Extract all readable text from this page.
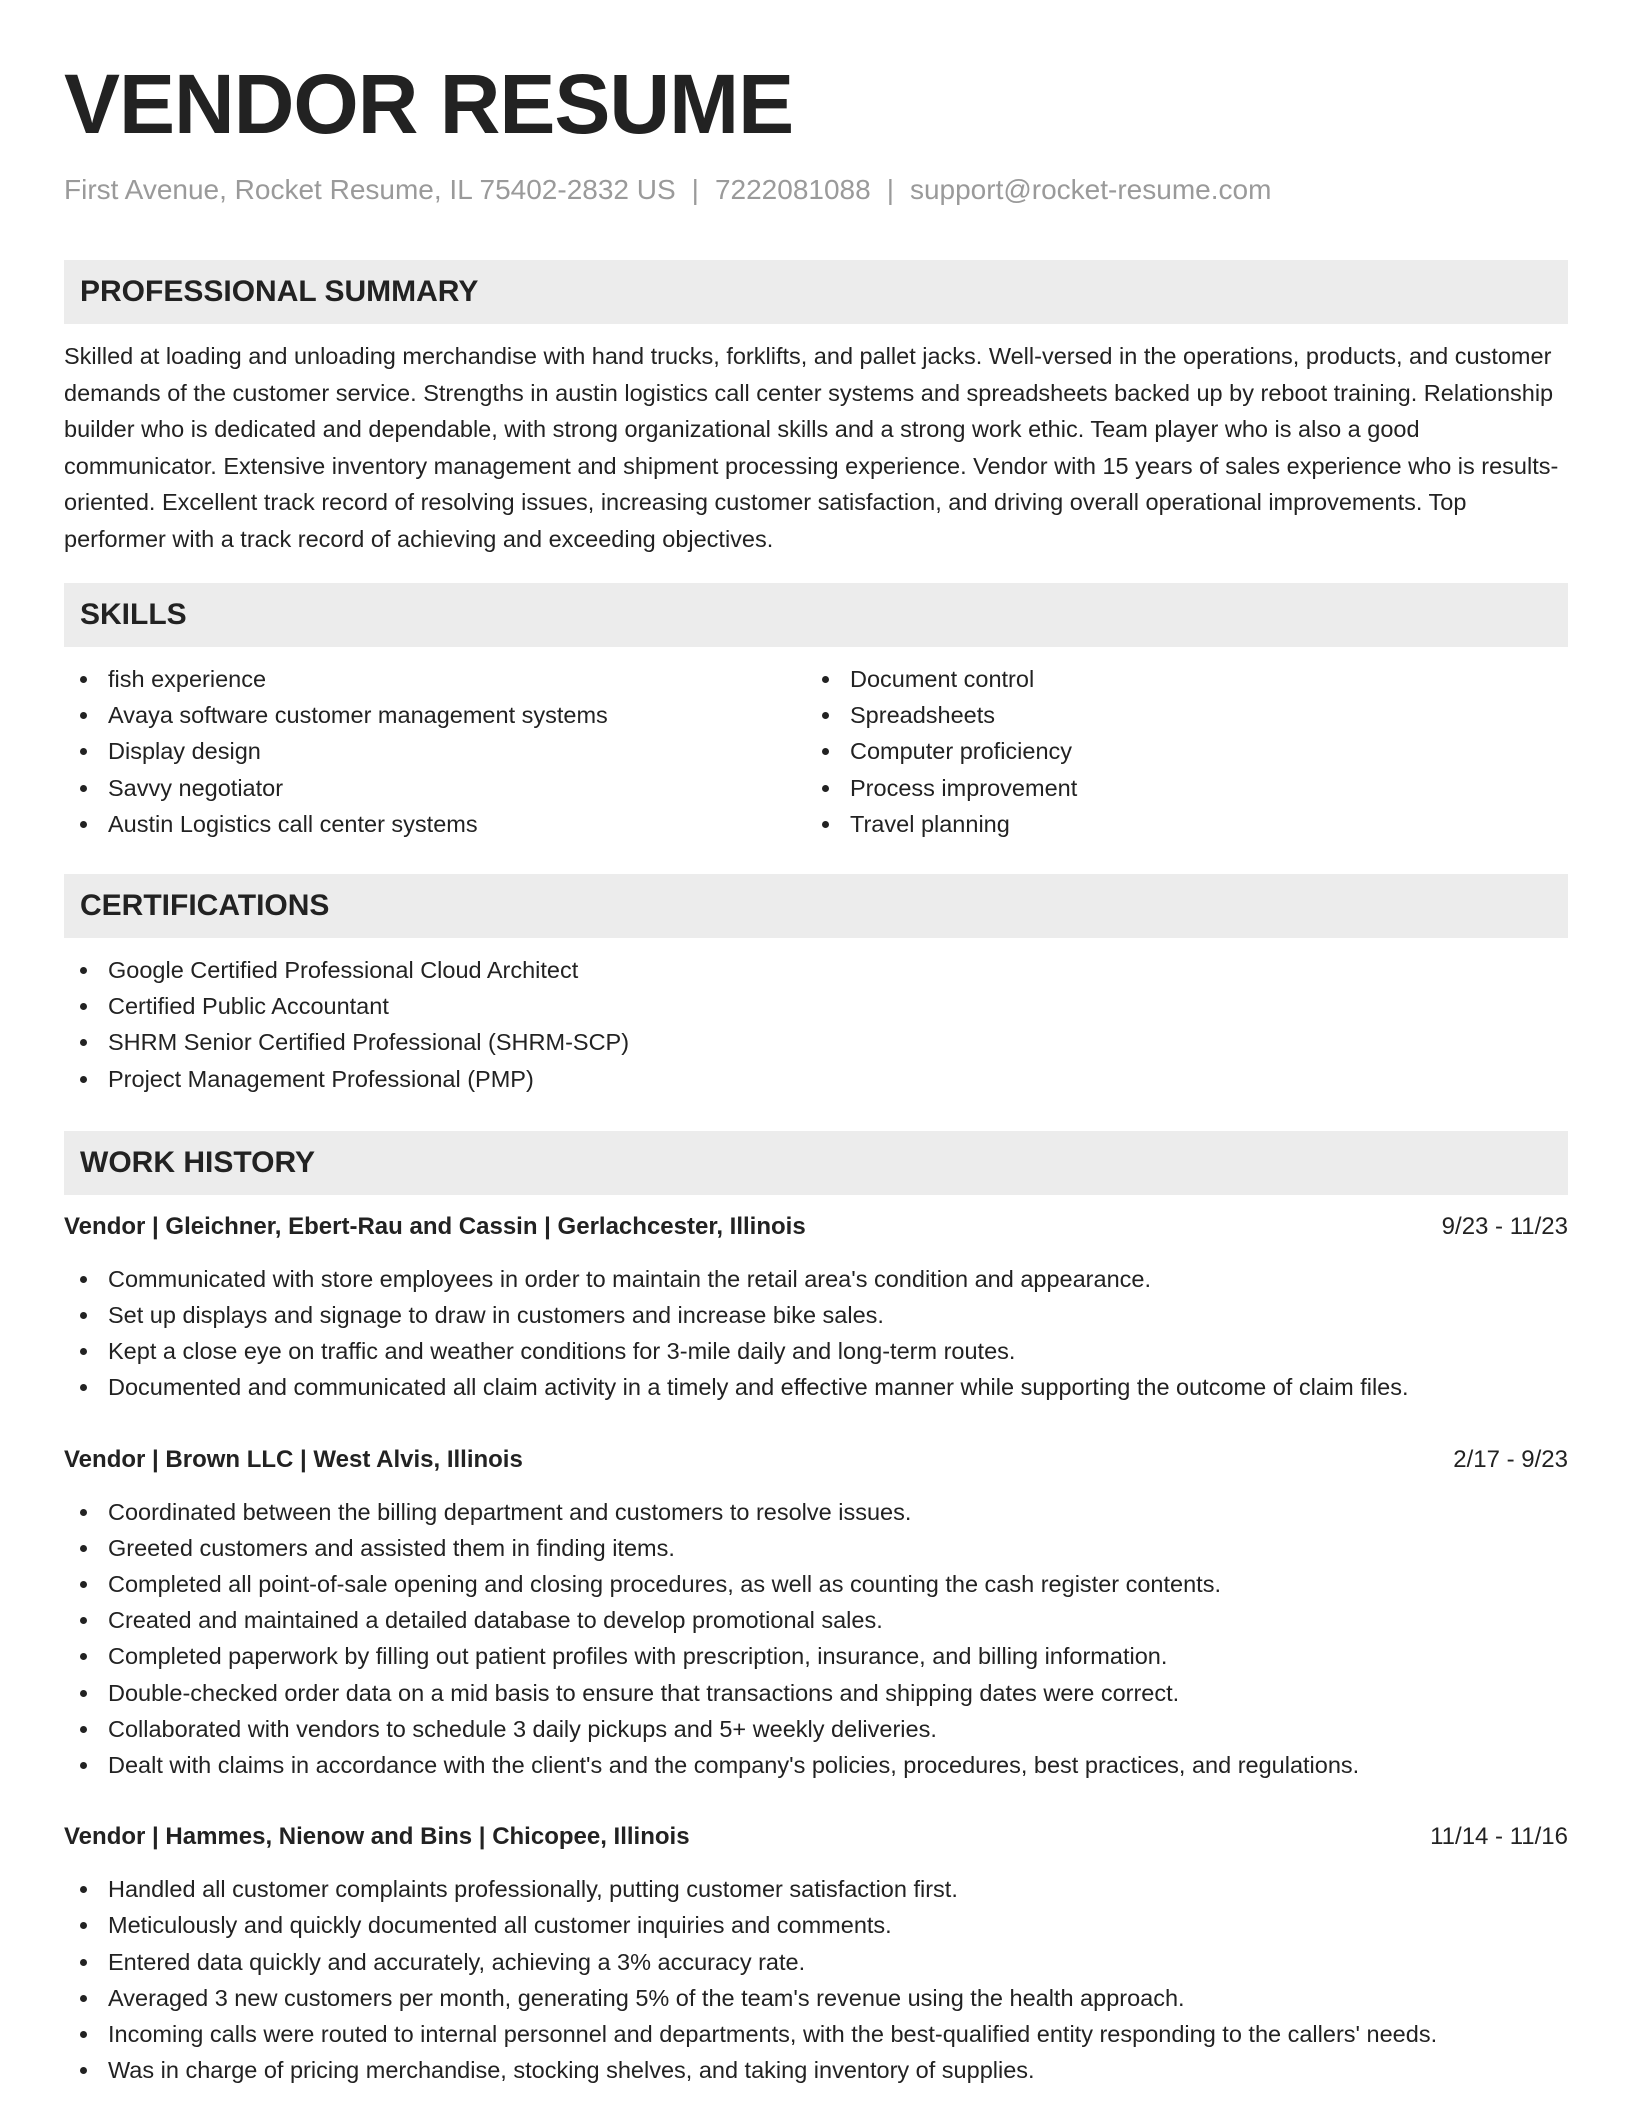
VENDOR RESUME
First Avenue, Rocket Resume, IL 75402-2832 US | 7222081088 | support@rocket-resume.com
PROFESSIONAL SUMMARY
Skilled at loading and unloading merchandise with hand trucks, forklifts, and pallet jacks. Well-versed in the operations, products, and customer demands of the customer service. Strengths in austin logistics call center systems and spreadsheets backed up by reboot training. Relationship builder who is dedicated and dependable, with strong organizational skills and a strong work ethic. Team player who is also a good communicator. Extensive inventory management and shipment processing experience. Vendor with 15 years of sales experience who is results-oriented. Excellent track record of resolving issues, increasing customer satisfaction, and driving overall operational improvements. Top performer with a track record of achieving and exceeding objectives.
SKILLS
fish experience
Avaya software customer management systems
Display design
Savvy negotiator
Austin Logistics call center systems
Document control
Spreadsheets
Computer proficiency
Process improvement
Travel planning
CERTIFICATIONS
Google Certified Professional Cloud Architect
Certified Public Accountant
SHRM Senior Certified Professional (SHRM-SCP)
Project Management Professional (PMP)
WORK HISTORY
Vendor | Gleichner, Ebert-Rau and Cassin | Gerlachcester, Illinois	9/23 - 11/23
Communicated with store employees in order to maintain the retail area's condition and appearance.
Set up displays and signage to draw in customers and increase bike sales.
Kept a close eye on traffic and weather conditions for 3-mile daily and long-term routes.
Documented and communicated all claim activity in a timely and effective manner while supporting the outcome of claim files.
Vendor | Brown LLC | West Alvis, Illinois	2/17 - 9/23
Coordinated between the billing department and customers to resolve issues.
Greeted customers and assisted them in finding items.
Completed all point-of-sale opening and closing procedures, as well as counting the cash register contents.
Created and maintained a detailed database to develop promotional sales.
Completed paperwork by filling out patient profiles with prescription, insurance, and billing information.
Double-checked order data on a mid basis to ensure that transactions and shipping dates were correct.
Collaborated with vendors to schedule 3 daily pickups and 5+ weekly deliveries.
Dealt with claims in accordance with the client's and the company's policies, procedures, best practices, and regulations.
Vendor | Hammes, Nienow and Bins | Chicopee, Illinois	11/14 - 11/16
Handled all customer complaints professionally, putting customer satisfaction first.
Meticulously and quickly documented all customer inquiries and comments.
Entered data quickly and accurately, achieving a 3% accuracy rate.
Averaged 3 new customers per month, generating 5% of the team's revenue using the health approach.
Incoming calls were routed to internal personnel and departments, with the best-qualified entity responding to the callers' needs.
Was in charge of pricing merchandise, stocking shelves, and taking inventory of supplies.
